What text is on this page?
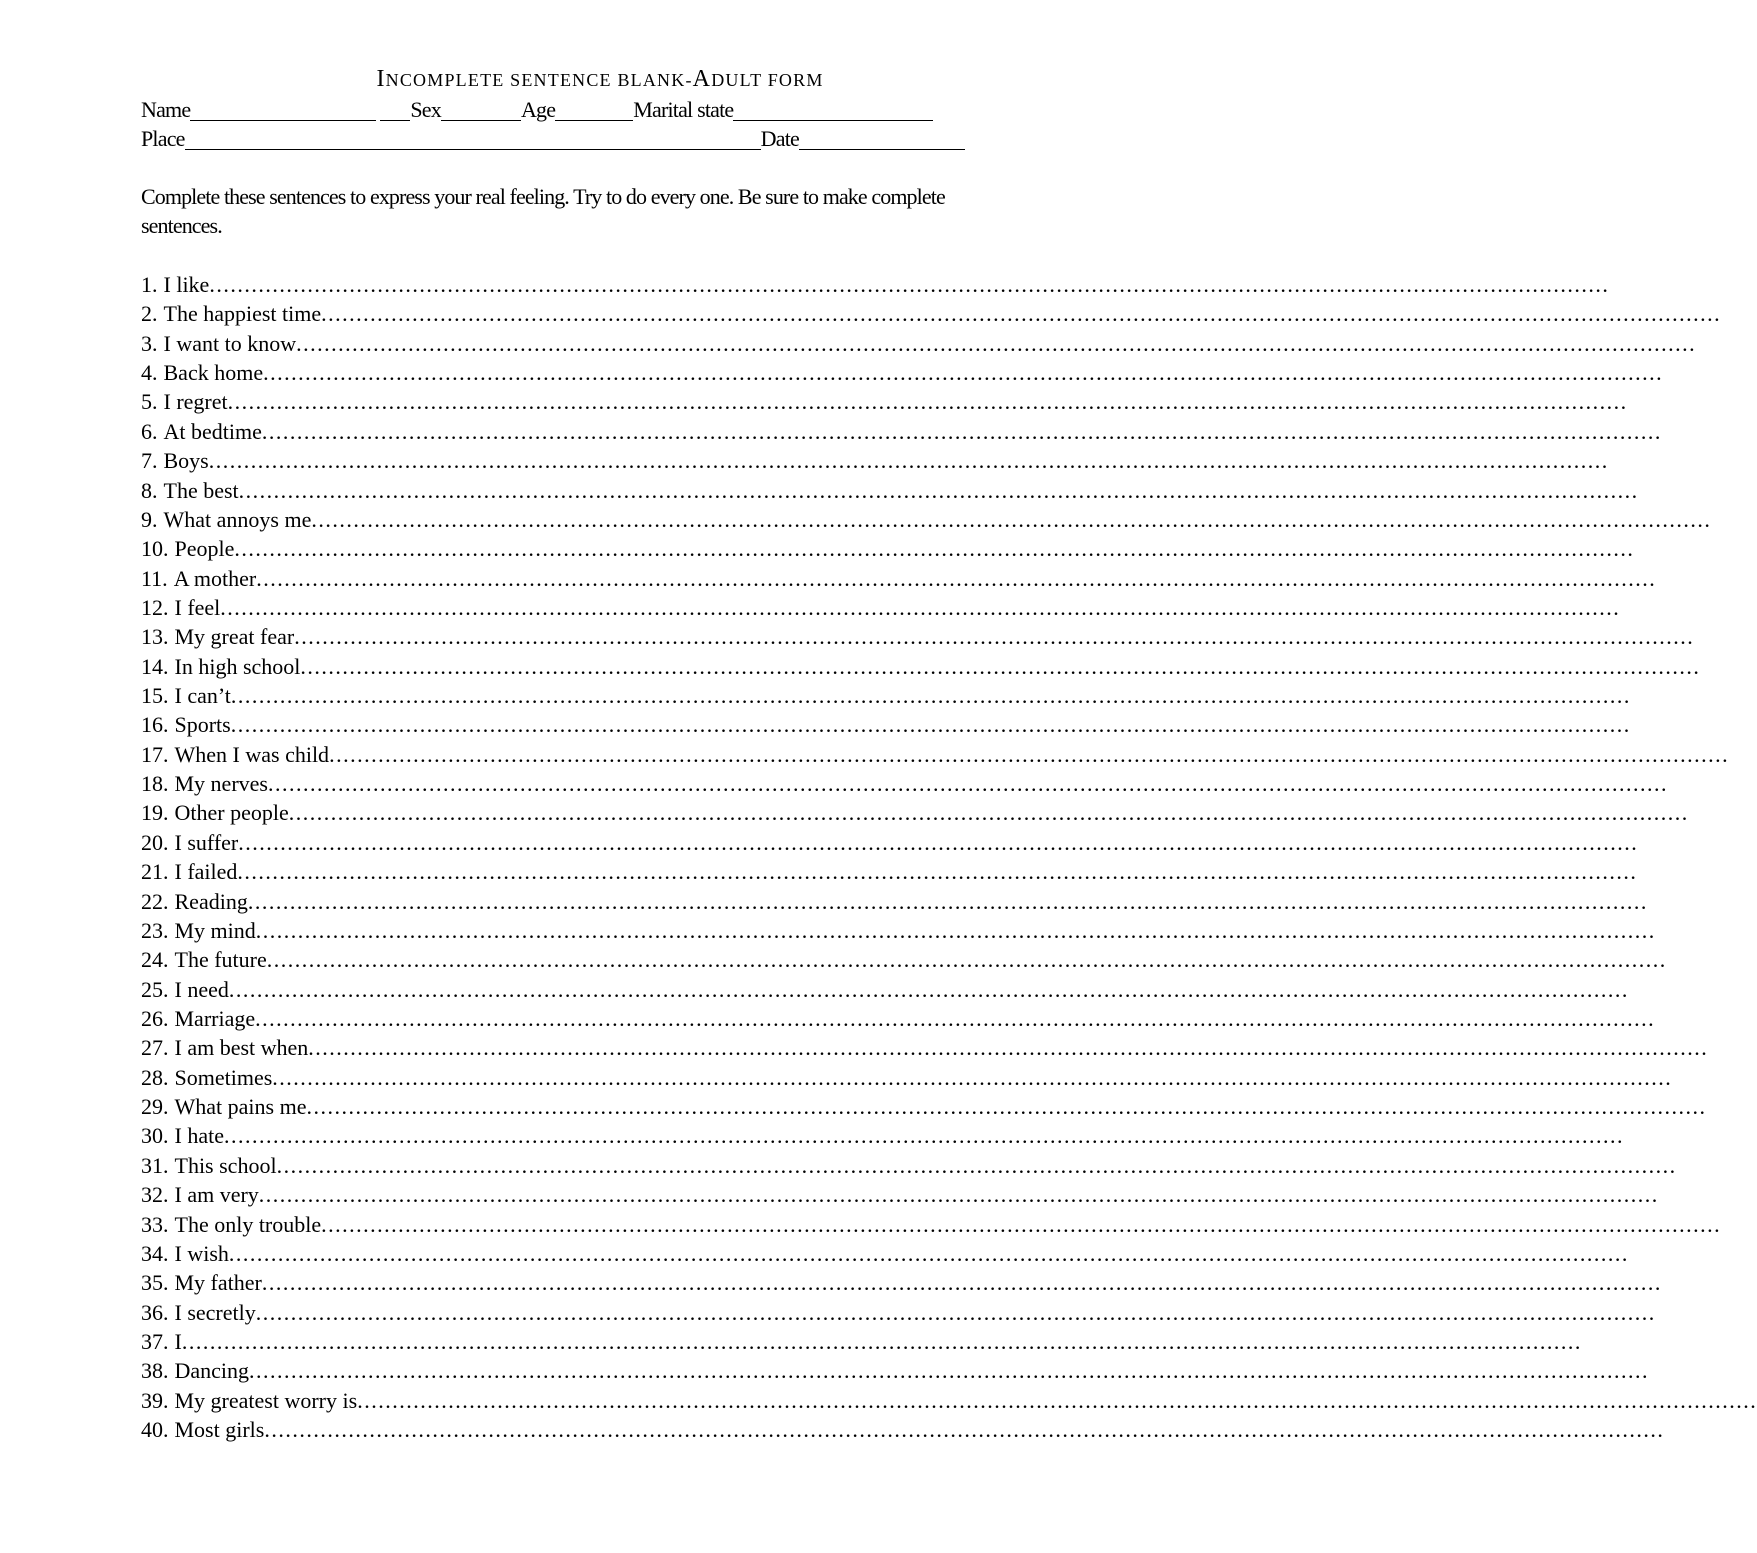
INCOMPLETE SENTENCE BLANK-ADULT FORM
Name	Sex	Age	Marital state
Place	Date
Complete these sentences to express your real feeling. Try to do every one. Be sure to make complete sentences.
1. I like ........................................................................................................................................................................................................
2. The happiest time ........................................................................................................................................................................................................
3. I want to know ........................................................................................................................................................................................................
4. Back home ........................................................................................................................................................................................................
5. I regret ........................................................................................................................................................................................................
6. At bedtime ........................................................................................................................................................................................................
7. Boys ........................................................................................................................................................................................................
8. The best ........................................................................................................................................................................................................
9. What annoys me ........................................................................................................................................................................................................
10. People ........................................................................................................................................................................................................
11. A mother ........................................................................................................................................................................................................
12. I feel ........................................................................................................................................................................................................
13. My great fear ........................................................................................................................................................................................................
14. In high school ........................................................................................................................................................................................................
15. I can’t ........................................................................................................................................................................................................
16. Sports ........................................................................................................................................................................................................
17. When I was child ........................................................................................................................................................................................................
18. My nerves ........................................................................................................................................................................................................
19. Other people ........................................................................................................................................................................................................
20. I suffer ........................................................................................................................................................................................................
21. I failed ........................................................................................................................................................................................................
22. Reading ........................................................................................................................................................................................................
23. My mind ........................................................................................................................................................................................................
24. The future ........................................................................................................................................................................................................
25. I need ........................................................................................................................................................................................................
26. Marriage ........................................................................................................................................................................................................
27. I am best when ........................................................................................................................................................................................................
28. Sometimes ........................................................................................................................................................................................................
29. What pains me ........................................................................................................................................................................................................
30. I hate ........................................................................................................................................................................................................
31. This school ........................................................................................................................................................................................................
32. I am very ........................................................................................................................................................................................................
33. The only trouble ........................................................................................................................................................................................................
34. I wish ........................................................................................................................................................................................................
35. My father ........................................................................................................................................................................................................
36. I secretly ........................................................................................................................................................................................................
37. I ........................................................................................................................................................................................................
38. Dancing ........................................................................................................................................................................................................
39. My greatest worry is ........................................................................................................................................................................................................
40. Most girls ........................................................................................................................................................................................................
